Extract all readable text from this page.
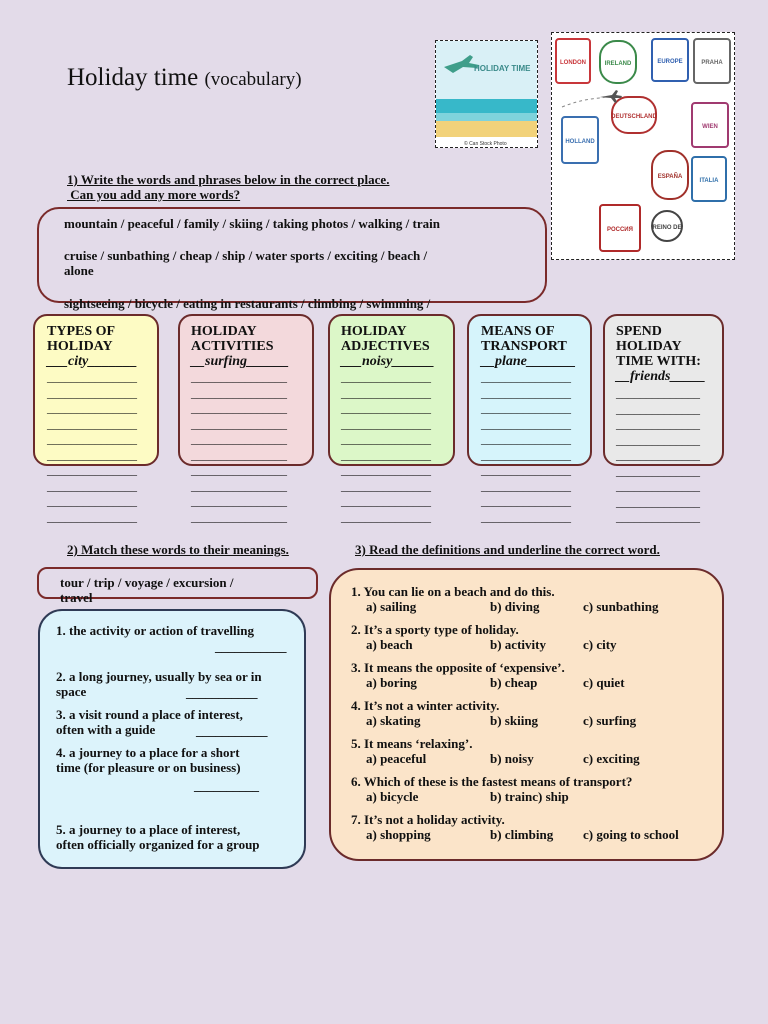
Holiday time (vocabulary)
HOLIDAY TIME
© Can Stock Photo
LONDON	IRELAND	EUROPE	PRAHA
DEUTSCHLAND
HOLLAND
WIEN
ESPAÑA
ITALIA
РОССИЯ	REINO DE
1) Write the words and phrases below in the correct place.
Can you add any more words?
mountain / peaceful / family / skiing / taking photos / walking / train
cruise / sunbathing / cheap / ship / water sports / exciting / beach /
alone
sightseeing / bicycle / eating in restaurants / climbing / swimming /
TYPES OF
HOLIDAY
___city_______
HOLIDAY
ACTIVITIES
__surfing______
HOLIDAY
ADJECTIVES
___noisy______
MEANS OF
TRANSPORT
__plane_______
SPEND
HOLIDAY
TIME WITH:
__friends_____
_______________
_______________
_______________
_______________
_______________
_______________
_______________
_______________
_______________
_______________

________________
________________
________________
________________
________________
________________
________________
________________
________________
________________

_______________
_______________
_______________
_______________
_______________
_______________
_______________
_______________
_______________
_______________

_______________
_______________
_______________
_______________
_______________
_______________
_______________
_______________
_______________
_______________

______________
______________
______________
______________
______________
______________
______________
______________
______________

2) Match these words to their meanings.
tour / trip / voyage / excursion /
travel
1. the activity or action of travelling
___________
2. a long journey, usually by sea or in
space	___________
3. a visit round a place of interest,
often with a guide	___________
4. a journey to a place for a short
time (for pleasure or on business)
__________
5. a journey to a place of interest,
often officially organized for a group
3) Read the definitions and underline the correct word.
1. You can lie on a beach and do this.
a) sailing	b) diving	c) sunbathing
2. It’s a sporty type of holiday.
a) beach	b) activity	c) city
3. It means the opposite of ‘expensive’.
a) boring	b) cheap	c) quiet
4. It’s not a winter activity.
a) skating	b) skiing	c) surfing
5. It means ‘relaxing’.
a) peaceful	b) noisy	c) exciting
6. Which of these is the fastest means of transport?
a) bicycle	b) trainc) ship
7. It’s not a holiday activity.
a) shopping	b) climbing c) going to school
